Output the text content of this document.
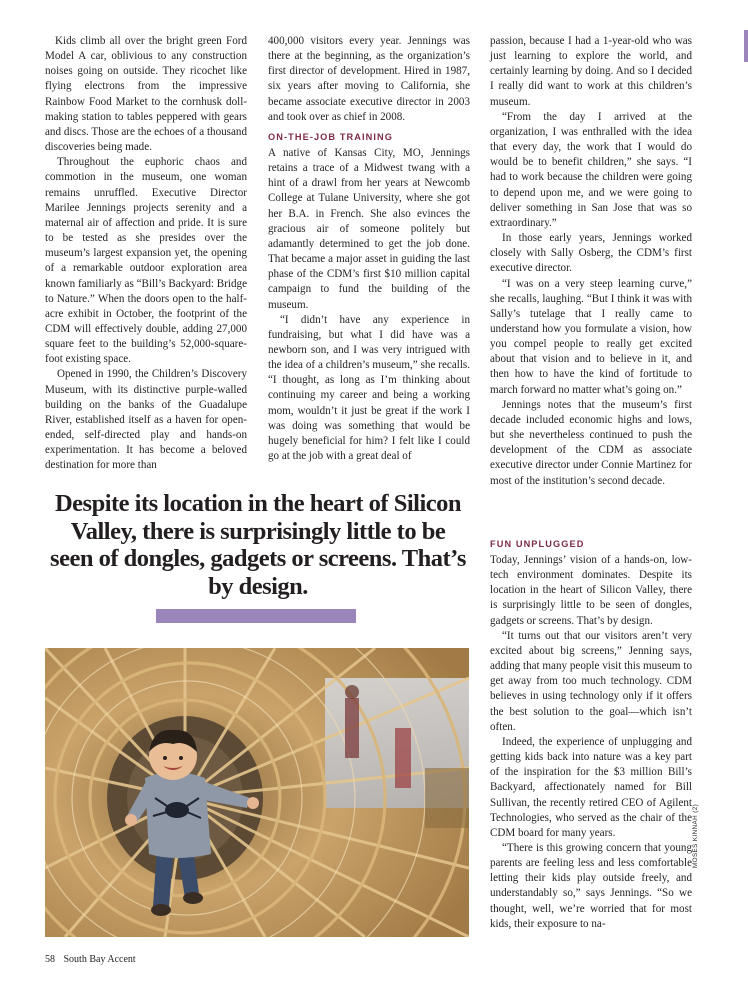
Kids climb all over the bright green Ford Model A car, oblivious to any construction noises going on outside. They ricochet like flying electrons from the impressive Rainbow Food Market to the cornhusk doll-making station to tables peppered with gears and discs. Those are the echoes of a thousand discoveries being made.

Throughout the euphoric chaos and commotion in the museum, one woman remains unruffled. Executive Director Marilee Jennings projects serenity and a maternal air of affection and pride. It is sure to be tested as she presides over the museum’s largest expansion yet, the opening of a remarkable outdoor exploration area known familiarly as “Bill’s Backyard: Bridge to Nature.” When the doors open to the half-acre exhibit in October, the footprint of the CDM will effectively double, adding 27,000 square feet to the building’s 52,000-square-foot existing space.

Opened in 1990, the Children’s Discovery Museum, with its distinctive purple-walled building on the banks of the Guadalupe River, established itself as a haven for open-ended, self-directed play and hands-on experimentation. It has become a beloved destination for more than

400,000 visitors every year. Jennings was there at the beginning, as the organization’s first director of development. Hired in 1987, six years after moving to California, she became associate executive director in 2003 and took over as chief in 2008.

ON-THE-JOB TRAINING

A native of Kansas City, MO, Jennings retains a trace of a Midwest twang with a hint of a drawl from her years at Newcomb College at Tulane University, where she got her B.A. in French. She also evinces the gracious air of someone politely but adamantly determined to get the job done. That became a major asset in guiding the last phase of the CDM’s first $10 million capital campaign to fund the building of the museum.

“I didn’t have any experience in fundraising, but what I did have was a newborn son, and I was very intrigued with the idea of a children’s museum,” she recalls. “I thought, as long as I’m thinking about continuing my career and being a working mom, wouldn’t it just be great if the work I was doing was something that would be hugely beneficial for him? I felt like I could go at the job with a great deal of

passion, because I had a 1-year-old who was just learning to explore the world, and certainly learning by doing. And so I decided I really did want to work at this children’s museum.

“From the day I arrived at the organization, I was enthralled with the idea that every day, the work that I would do would be to benefit children,” she says. “I had to work because the children were going to depend upon me, and we were going to deliver something in San Jose that was so extraordinary.”

In those early years, Jennings worked closely with Sally Osberg, the CDM’s first executive director.

“I was on a very steep learning curve,” she recalls, laughing. “But I think it was with Sally’s tutelage that I really came to understand how you formulate a vision, how you compel people to really get excited about that vision and to believe in it, and then how to have the kind of fortitude to march forward no matter what’s going on.”

Jennings notes that the museum’s first decade included economic highs and lows, but she nevertheless continued to push the development of the CDM as associate executive director under Connie Martinez for most of the institution’s second decade.

FUN UNPLUGGED

Today, Jennings’ vision of a hands-on, low-tech environment dominates. Despite its location in the heart of Silicon Valley, there is surprisingly little to be seen of dongles, gadgets or screens. That’s by design.

“It turns out that our visitors aren’t very excited about big screens,” Jenning says, adding that many people visit this museum to get away from too much technology. CDM believes in using technology only if it offers the best solution to the goal—which isn’t often.

Indeed, the experience of unplugging and getting kids back into nature was a key part of the inspiration for the $3 million Bill’s Backyard, affectionately named for Bill Sullivan, the recently retired CEO of Agilent Technologies, who served as the chair of the CDM board for many years.

“There is this growing concern that young parents are feeling less and less comfortable letting their kids play outside freely, and understandably so,” says Jennings. “So we thought, well, we’re worried that for most kids, their exposure to na-

Despite its location in the heart of Silicon Valley, there is surprisingly little to be seen of dongles, gadgets or screens. That’s by design.
MOSES KINNAH (2)
58 South Bay Accent
